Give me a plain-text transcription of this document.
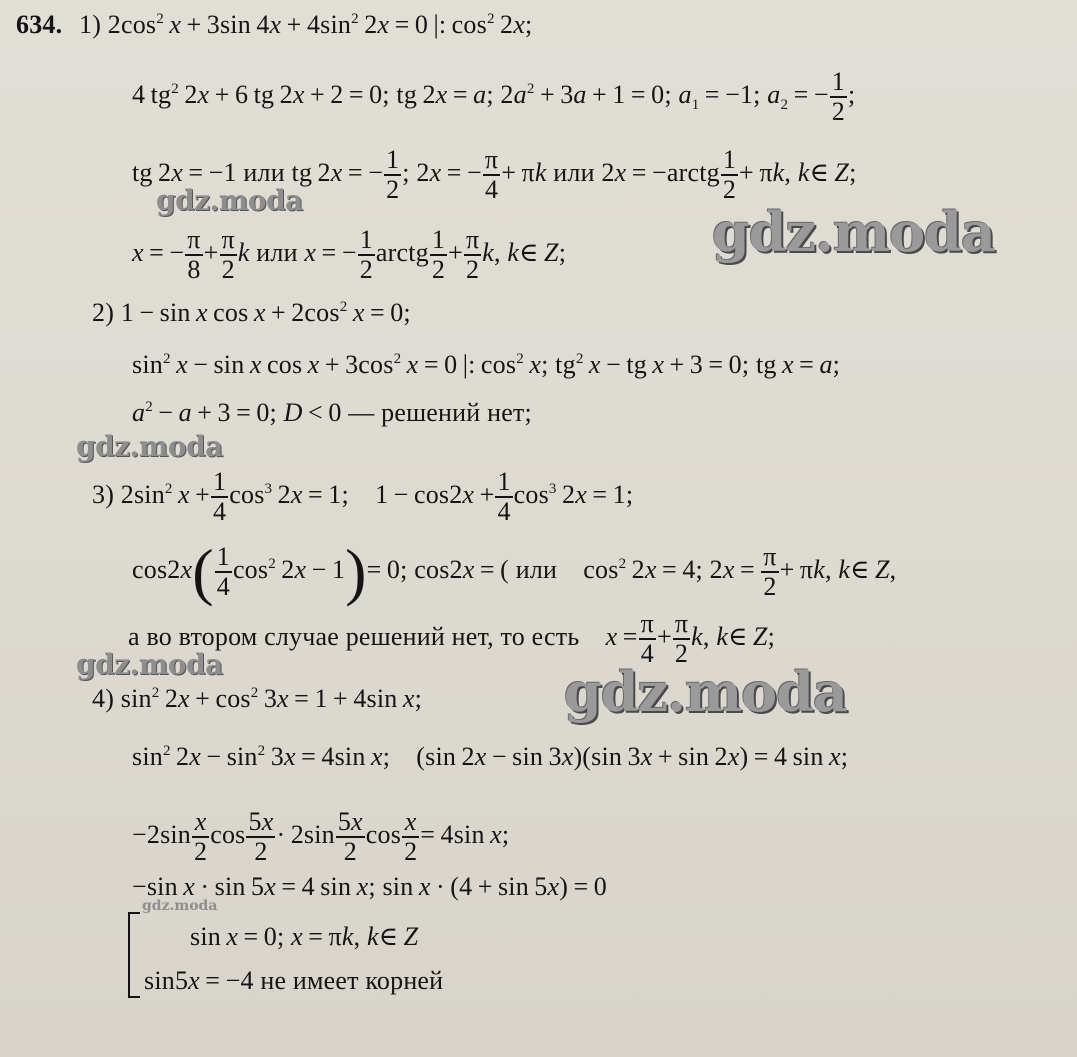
634. 1) $2\cos^2$  x + 3sin $4x + 4\sin^2$ 2x = 0 |: $\cos^2 2x$;
4 $tg^2$ 2x + 6 tg 2x + 2 = 0; tg 2x = a; $2a^2 + 3a + 1 = 0$; $a_1 = -1$; $a_2$ = − $\frac{1}{2}$ ;
tg 2x = −1 или tg 2x = − $\frac{1}{2}$ ; 2x = − $\frac{\pi}{4} + \pi k$ или 2x = −arctg $\frac{1}{2} + \pi k$, k∈ Z;
x = − $\frac{\pi}{8} + \frac{\pi}{2}$ k или x = − $\frac{1}{2}$ arctg $\frac{1}{2} + \frac{\pi}{2} k$, k∈ Z;
2) 1 − sin x $\cos x + 2\cos^2$  x = 0;
$\sin^2 x - \sin x$ $\cos x + 3\cos^2$  x = 0 |: $\cos^2 x$; $tg^2$  x − tg x + 3 = 0; tg x = a;
$a^2 - a + 3 = 0$; D < 0 — решений нет;
3) $2\sin^2$  $x + \frac{1}{4} \cos^3 2x = 1$; $1 - \cos 2x + \frac{1}{4} \cos^3 2x = 1$;
$\cos 2x( \frac{1}{4} \cos^2 2x - 1)= 0$; cos2x = ( или $\cos^2 2x = 4$; $2x = \frac{\pi}{2} + \pi k$, k∈ Z,
а во втором случае решений нет, то есть  $x = \frac{\pi}{4} + \frac{\pi}{2} k$, k∈ Z;
4) $\sin^2 2x + \cos^2 3x = 1 + 4\sin$ x;
$\sin^2 2x - \sin^2 3x = 4\sin$ x; (sin 2x − sin 3x)(sin 3x + sin 2x) = 4 sin x;
$-2\sin \frac{x}{2}$ $\cos \frac{5x}{2} \cdot 2\sin \frac{5x}{2}$ $\cos \frac{x}{2} = 4\sin$ x;
−sin x · sin 5x = 4 sin x; sin x · (4 + sin 5x) = 0
sin x = 0; x = πk, k∈ Z
sin5x = −4 не имеет корней
gdz.moda	gdz.moda
gdz.moda
gdz.moda	gdz.moda
gdz.moda
